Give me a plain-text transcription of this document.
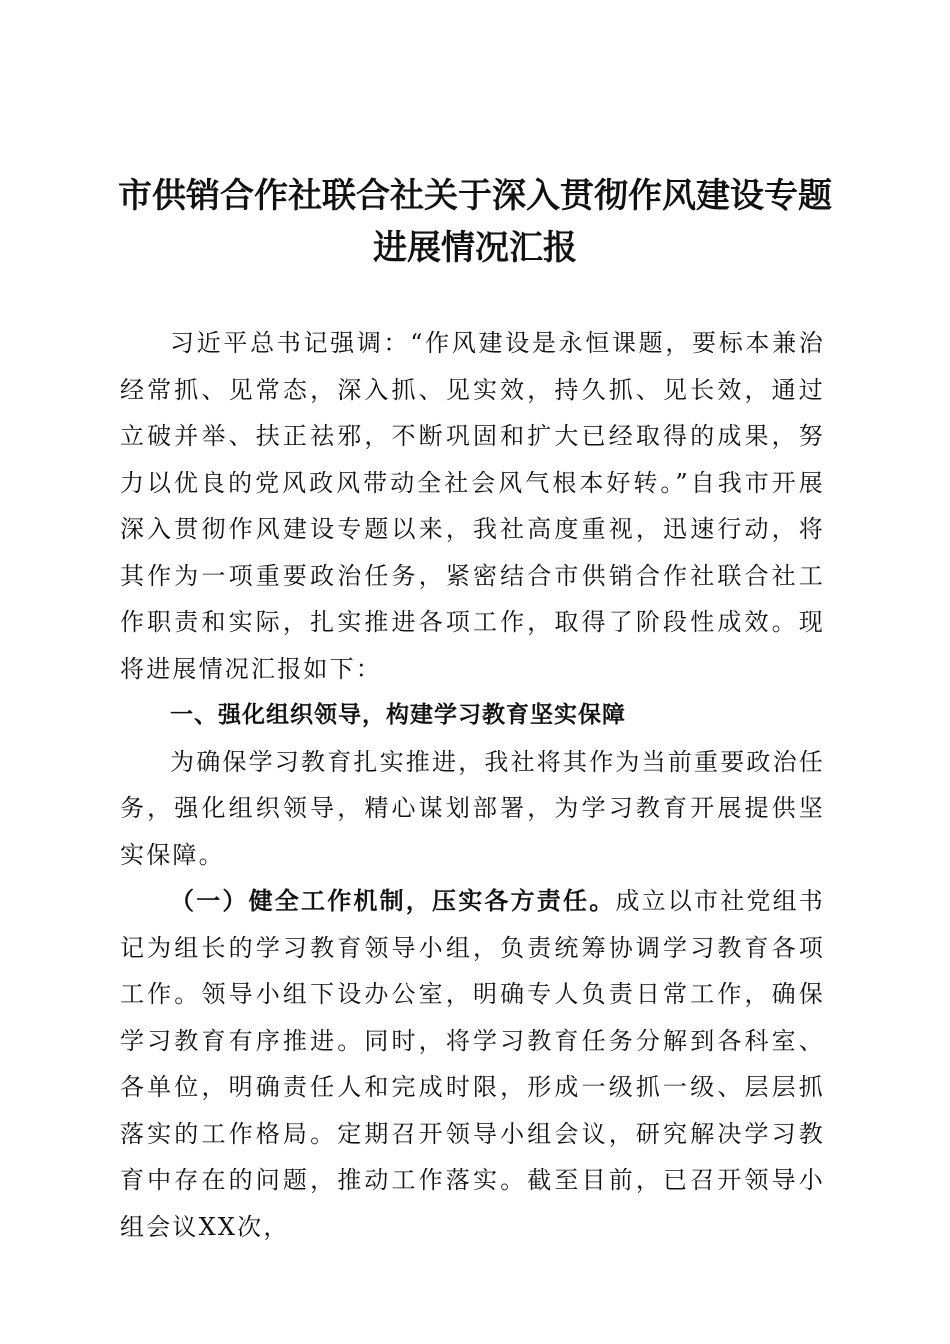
市供销合作社联合社关于深入贯彻作风建设专题进展情况汇报

习近平总书记强调：“作风建设是永恒课题，要标本兼治经常抓、见常态，深入抓、见实效，持久抓、见长效，通过立破并举、扶正祛邪，不断巩固和扩大已经取得的成果，努力以优良的党风政风带动全社会风气根本好转。”自我市开展深入贯彻作风建设专题以来，我社高度重视，迅速行动，将其作为一项重要政治任务，紧密结合市供销合作社联合社工作职责和实际，扎实推进各项工作，取得了阶段性成效。现将进展情况汇报如下：

一、强化组织领导，构建学习教育坚实保障

为确保学习教育扎实推进，我社将其作为当前重要政治任务，强化组织领导，精心谋划部署，为学习教育开展提供坚实保障。

（一）健全工作机制，压实各方责任。成立以市社党组书记为组长的学习教育领导小组，负责统筹协调学习教育各项工作。领导小组下设办公室，明确专人负责日常工作，确保学习教育有序推进。同时，将学习教育任务分解到各科室、各单位，明确责任人和完成时限，形成一级抓一级、层层抓落实的工作格局。定期召开领导小组会议，研究解决学习教育中存在的问题，推动工作落实。截至目前，已召开领导小组会议XX次，
